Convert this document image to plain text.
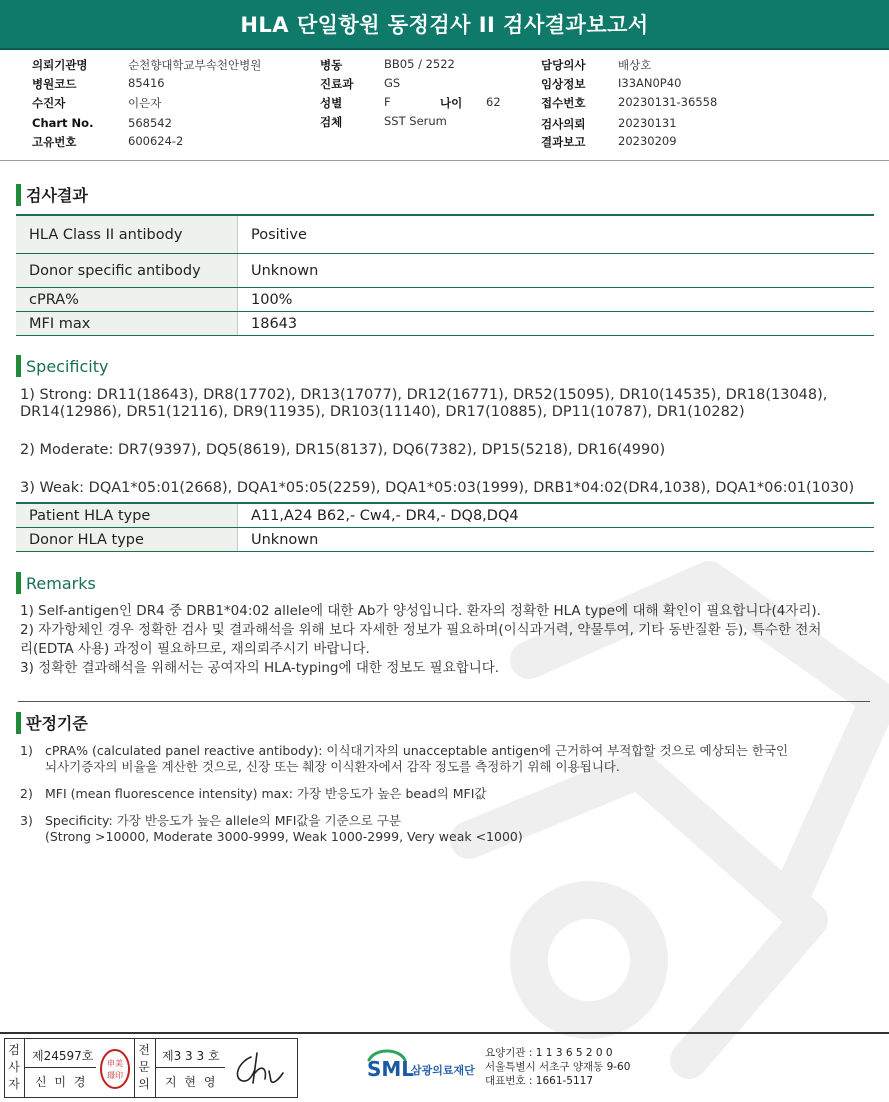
HLA 단일항원 동정검사 II 검사결과보고서
의뢰기관명	순천향대학교부속천안병원
병원코드	85416
수진자	이은자
Chart No.	568542
고유번호	600624-2
병동	BB05 / 2522
진료과	GS
성별	F	나이 62
검체	SST Serum
담당의사	배상호
임상정보	I33AN0P40
접수번호	20230131-36558
검사의뢰	20230131
결과보고	20230209
검사결과
HLA Class II antibody	Positive
Donor specific antibody	Unknown
cPRA%	100%
MFI max	18643
Specificity
1) Strong: DR11(18643), DR8(17702), DR13(17077), DR12(16771), DR52(15095), DR10(14535), DR18(13048),
DR14(12986), DR51(12116), DR9(11935), DR103(11140), DR17(10885), DP11(10787), DR1(10282)
2) Moderate: DR7(9397), DQ5(8619), DR15(8137), DQ6(7382), DP15(5218), DR16(4990)
3) Weak: DQA1*05:01(2668), DQA1*05:05(2259), DQA1*05:03(1999), DRB1*04:02(DR4,1038), DQA1*06:01(1030)
Patient HLA type	A11,A24 B62,- Cw4,- DR4,- DQ8,DQ4
Donor HLA type	Unknown
Remarks
1) Self-antigen인 DR4 중 DRB1*04:02 allele에 대한 Ab가 양성입니다. 환자의 정확한 HLA type에 대해 확인이 필요합니다(4자리).
2) 자가항체인 경우 정확한 검사 및 결과해석을 위해 보다 자세한 정보가 필요하며(이식과거력, 약물투여, 기타 동반질환 등), 특수한 전처
리(EDTA 사용) 과정이 필요하므로, 재의뢰주시기 바랍니다.
3) 정확한 결과해석을 위해서는 공여자의 HLA-typing에 대한 정보도 필요합니다.
판정기준
1) cPRA% (calculated panel reactive antibody): 이식대기자의 unacceptable antigen에 근거하여 부적합할 것으로 예상되는 한국인
뇌사기증자의 비율을 계산한 것으로, 신장 또는 췌장 이식환자에서 감작 정도를 측정하기 위해 이용됩니다.
2) MFI (mean fluorescence intensity) max: 가장 반응도가 높은 bead의 MFI값
3) Specificity: 가장 반응도가 높은 allele의 MFI값을 기준으로 구분
(Strong >10000, Moderate 3000-9999, Weak 1000-2999, Very weak <1000)
검사자
제24597호
신 미 경
申美
璟印
전문의
제3 3 3 호
지 현 영
SML
삼광의료재단
요양기관 : 1 1 3 6 5 2 0 0
서울특별시 서초구 양재동 9-60
대표번호 : 1661-5117
